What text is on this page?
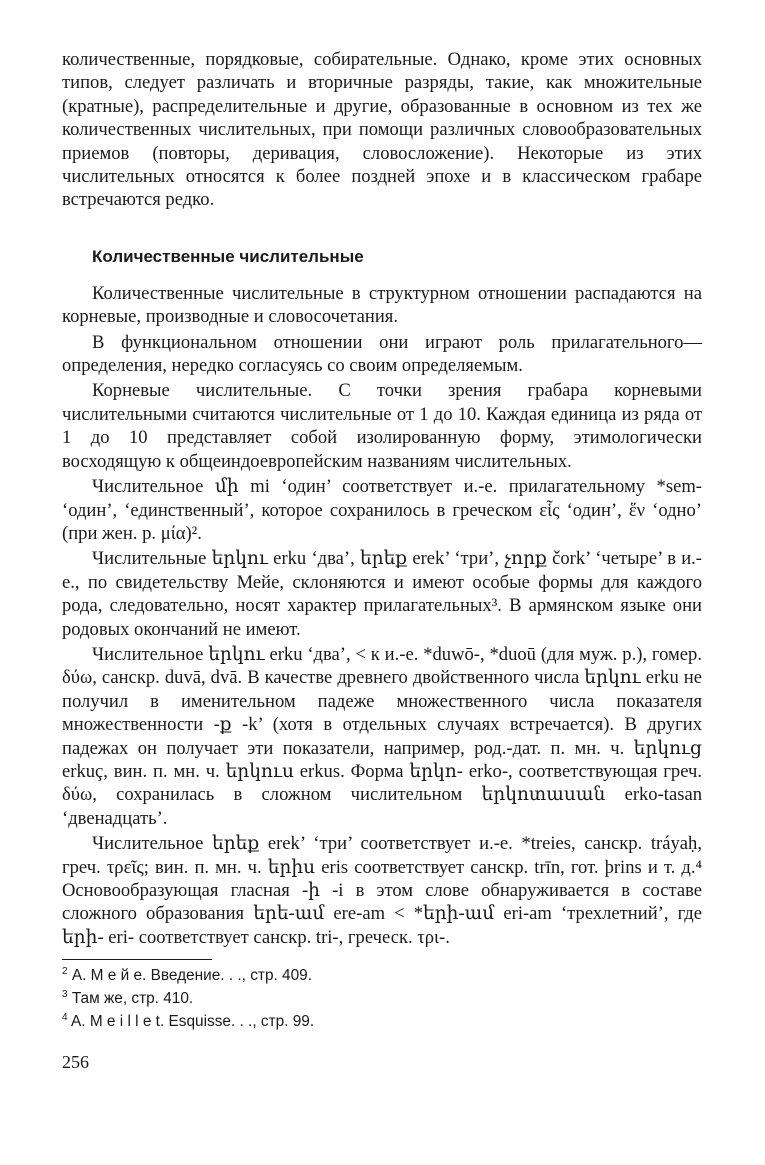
количественные, порядковые, собирательные. Однако, кроме этих основных типов, следует различать и вторичные разряды, такие, как множительные (кратные), распределительные и другие, образованные в основном из тех же количественных числительных, при помощи различных словообразовательных приемов (повторы, деривация, словосложение). Некоторые из этих числительных относятся к более поздней эпохе и в классическом грабаре встречаются редко.

Количественные числительные

Количественные числительные в структурном отношении распадаются на корневые, производные и словосочетания.

В функциональном отношении они играют роль прилагательного—определения, нередко согласуясь со своим определяемым.

Корневые числительные. С точки зрения грабара корневыми числительными считаются числительные от 1 до 10. Каждая единица из ряда от 1 до 10 представляет собой изолированную форму, этимологически восходящую к общеиндоевропейским названиям числительных.

Числительное մի mi ‘один’ соответствует и.-е. прилагательному *sem- ‘один’, ‘единственный’, которое сохранилось в греческом εἷς ‘один’, ἕν ‘одно’ (при жен. р. μία)².

Числительные երկու erku ‘два’, երեք erek’ ‘три’, չորք čork’ ‘четыре’ в и.-е., по свидетельству Мейе, склоняются и имеют особые формы для каждого рода, следовательно, носят характер прилагательных³. В армянском языке они родовых окончаний не имеют.

Числительное երկու erku ‘два’, < к и.-е. *duwō-, *duoū (для муж. р.), гомер. δύω, санскр. duvā, dvā. В качестве древнего двойственного числа երկու erku не получил в именительном падеже множественного числа показателя множественности -ք -k’ (хотя в отдельных случаях встречается). В других падежах он получает эти показатели, например, род.-дат. п. мн. ч. երկուց erkuç, вин. п. мн. ч. երկուս erkus. Форма երկո- erko-, соответствующая греч. δύω, сохранилась в сложном числительном երկոտասան erko-tasan ‘двенадцать’.

Числительное երեք erek’ ‘три’ соответствует и.-е. *treies, санскр. tráyaḥ, греч. τρεῖς; вин. п. мн. ч. երիս eris соответствует санскр. trīn, гот. þrins и т. д.⁴ Основообразующая гласная -ի -i в этом слове обнаруживается в составе сложного образования երե-ամ ere-am < *երի-ամ eri-am ‘трехлетний’, где երի- eri- соответствует санскр. tri-, греческ. τρι-.

$^2$ А. М е й е. Введение. . ., стр. 409.
$^3$ Там же, стр. 410.
$^4$ A. M e i l l e t. Esquisse. . ., стр. 99.
256
